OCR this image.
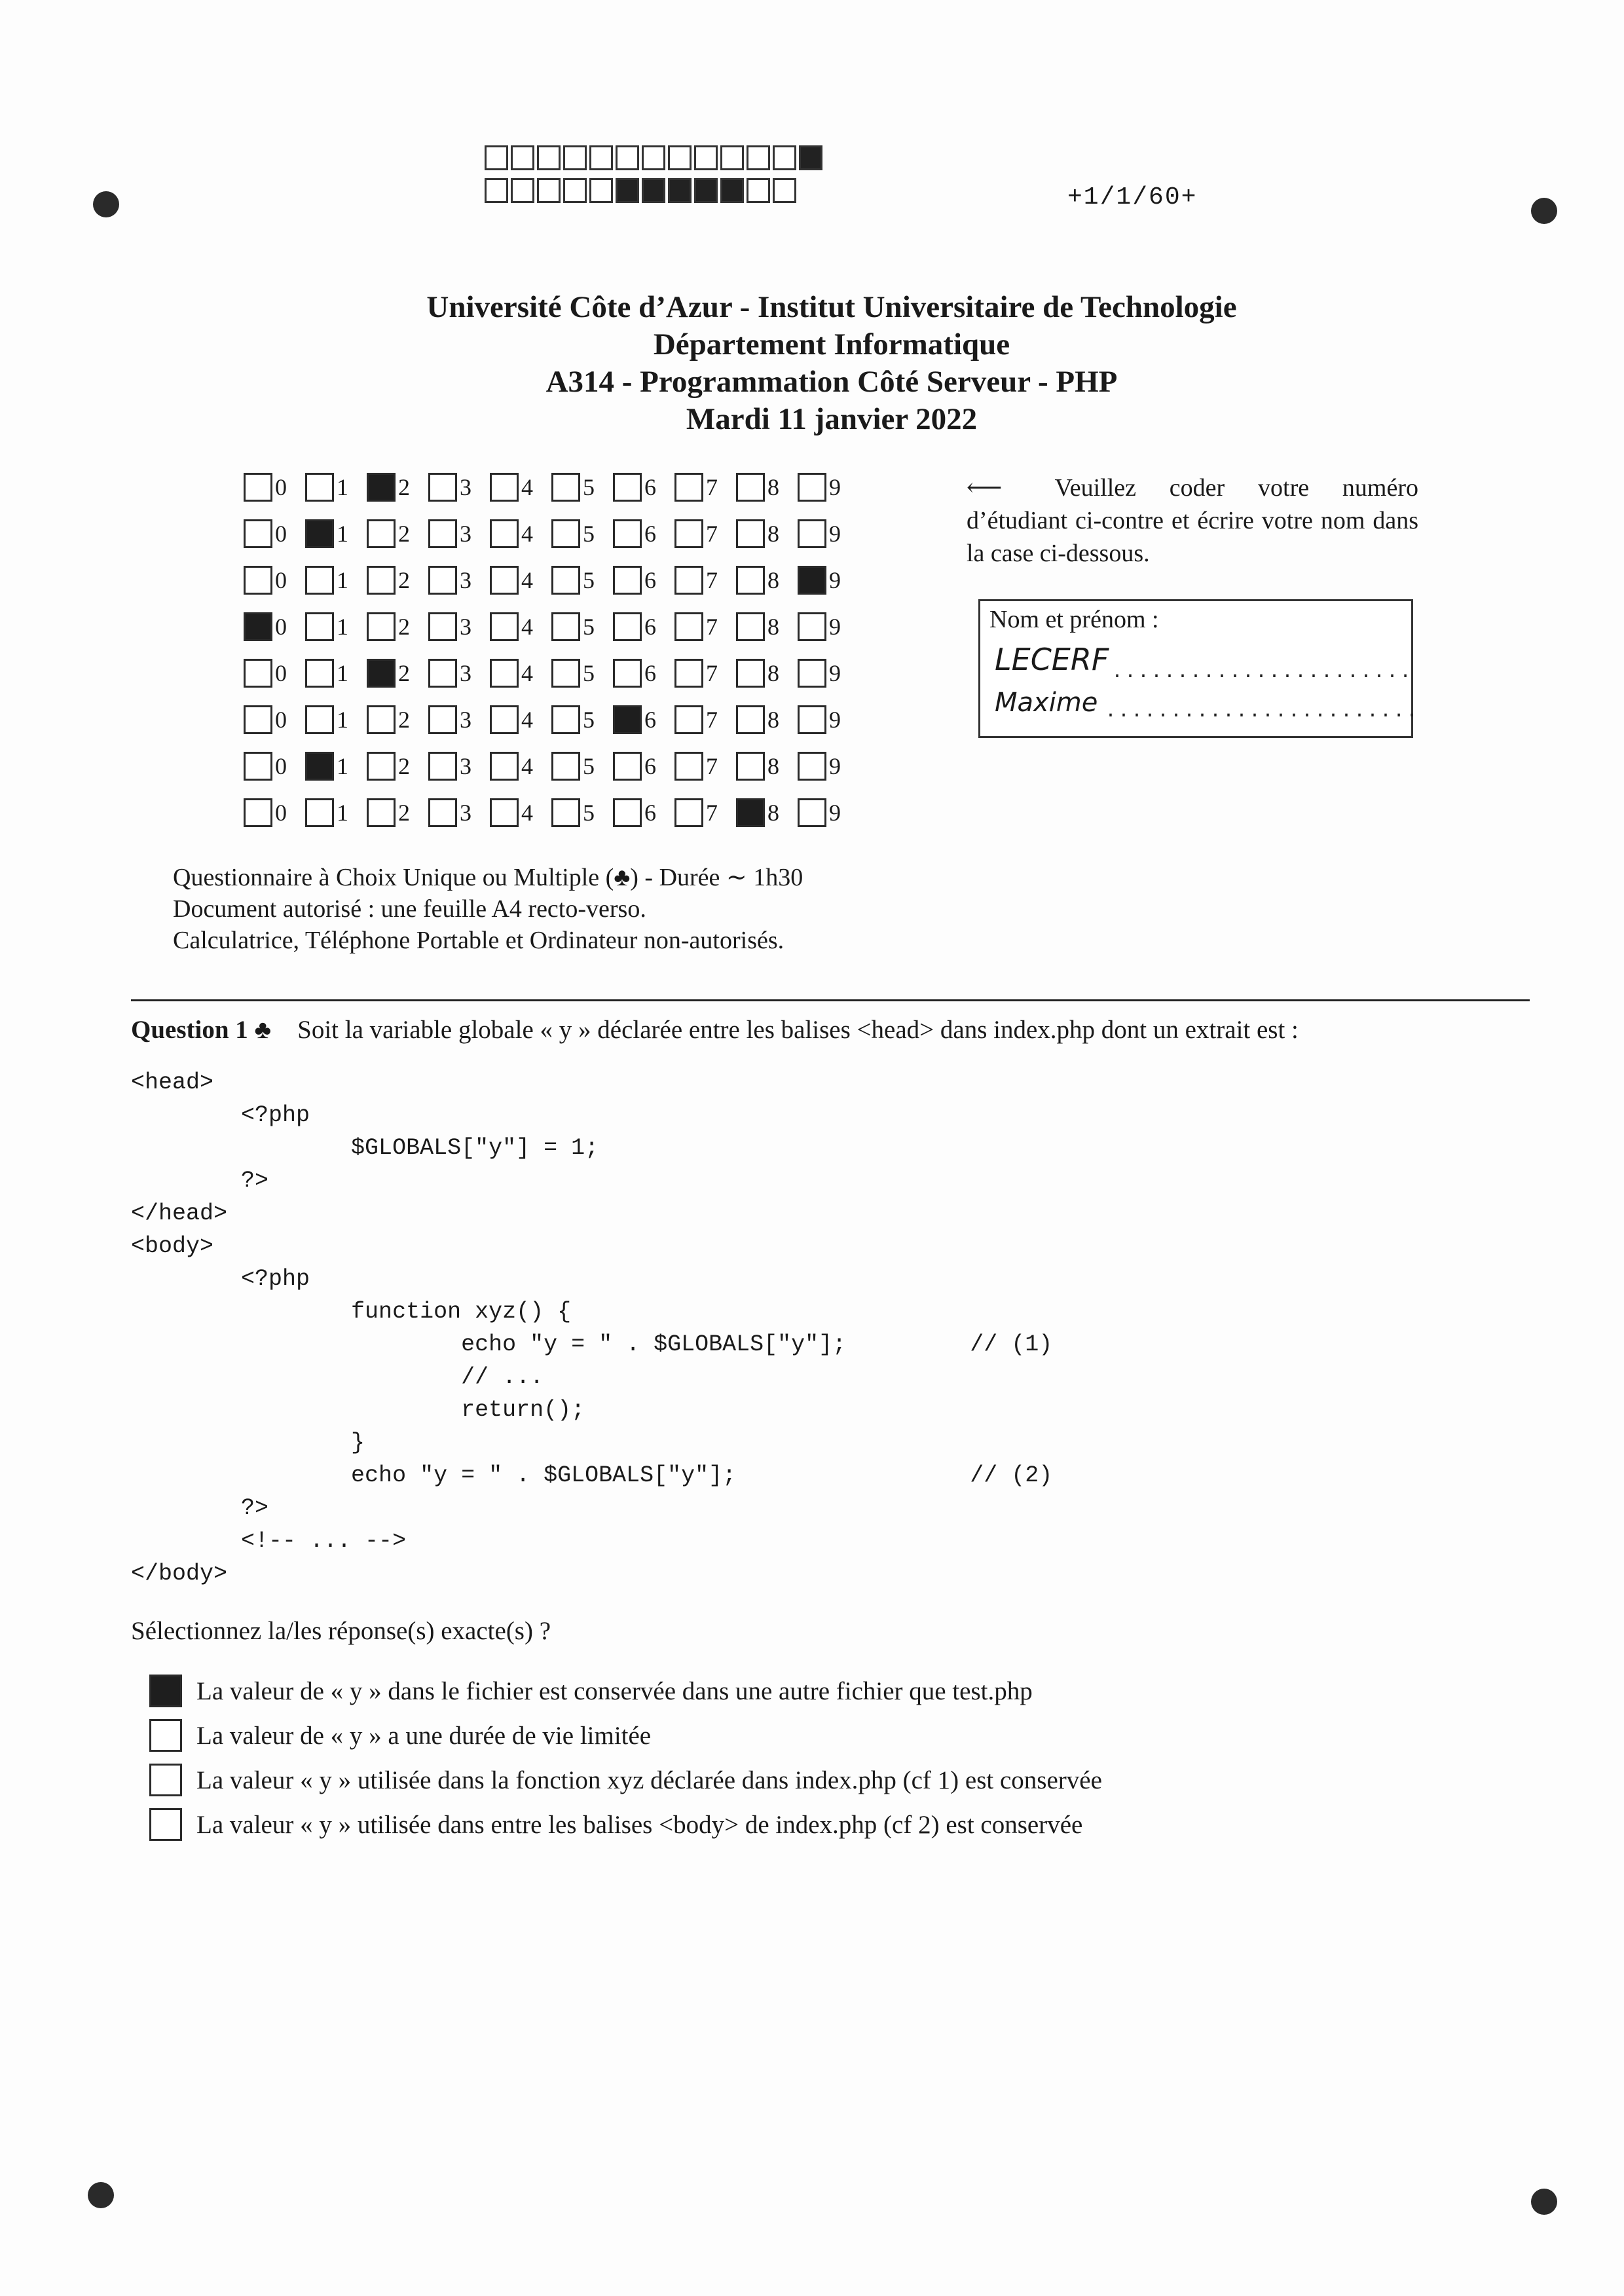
+1/1/60+
Université Côte d’Azur - Institut Universitaire de Technologie
Département Informatique
A314 - Programmation Côté Serveur - PHP
Mardi 11 janvier 2022
0 1 2 3 4 5 6 7 8 9
0 1 2 3 4 5 6 7 8 9
0 1 2 3 4 5 6 7 8 9
0 1 2 3 4 5 6 7 8 9
0 1 2 3 4 5 6 7 8 9
0 1 2 3 4 5 6 7 8 9
0 1 2 3 4 5 6 7 8 9
0 1 2 3 4 5 6 7 8 9
⟵ Veuillez coder votre numéro d’étudiant ci-contre et écrire votre nom dans la case ci-dessous.
Nom et prénom :
LECERF .......................
Maxime ........................
Questionnaire à Choix Unique ou Multiple (♣) - Durée ∼ 1h30
Document autorisé : une feuille A4 recto-verso.
Calculatrice, Téléphone Portable et Ordinateur non-autorisés.
Question 1 ♣ Soit la variable globale « y » déclarée entre les balises <head> dans index.php dont un extrait est :
<head>
<?php
$GLOBALS["y"] = 1;
?>
</head>
<body>
<?php
function xyz() {
echo "y = " . $GLOBALS["y"];         // (1)
// ...
return();
}
echo "y = " . $GLOBALS["y"];                 // (2)
?>
<!-- ... -->
</body>
Sélectionnez la/les réponse(s) exacte(s) ?
La valeur de « y » dans le fichier est conservée dans une autre fichier que test.php
La valeur de « y » a une durée de vie limitée
La valeur « y » utilisée dans la fonction xyz déclarée dans index.php (cf 1) est conservée
La valeur « y » utilisée dans entre les balises <body> de index.php (cf 2) est conservée
